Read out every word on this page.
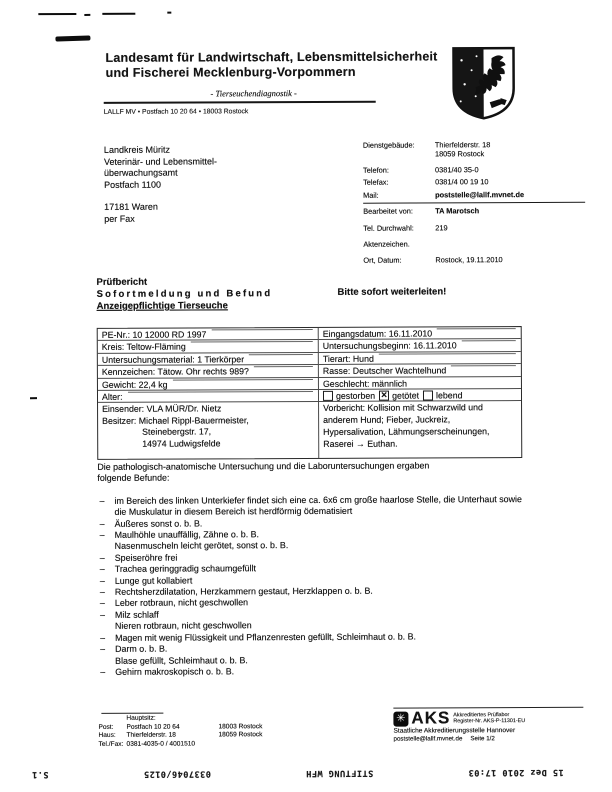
Landesamt für Landwirtschaft, Lebensmittelsicherheit
und Fischerei Mecklenburg-Vorpommern
- Tierseuchendiagnostik -
LALLF MV • Postfach 10 20 64 • 18003 Rostock
Landkreis Müritz
Veterinär- und Lebensmittel-
überwachungsamt
Postfach 1100
17181 Waren
per Fax
Dienstgebäude:	Thierfelderstr. 18
18059 Rostock
Telefon:	0381/40 35-0
Telefax:	0381/4 00 19 10
Mail:	poststelle@lallf.mvnet.de
Bearbeitet von:	TA Marotsch
Tel. Durchwahl:	219
Aktenzeichen.
Ort, Datum:	Rostock, 19.11.2010
Prüfbericht
Sofortmeldung und Befund
Anzeigepflichtige Tierseuche
Bitte sofort weiterleiten!
PE-Nr.: 10 12000 RD 1997	Eingangsdatum: 16.11.2010
Kreis: Teltow-Fläming	Untersuchungsbeginn: 16.11.2010
Untersuchungsmaterial: 1 Tierkörper	Tierart: Hund
Kennzeichen: Tätow. Ohr rechts 989?	Rasse: Deutscher Wachtelhund
Gewicht: 22,4 kg	Geschlecht: männlich
Alter:	gestorben ✕ getötet lebend
Einsender: VLA MÜR/Dr. Nietz
Besitzer: Michael Rippl-Bauermeister,
Steinebergstr. 17,
14974 Ludwigsfelde
Vorbericht: Kollision mit Schwarzwild und
anderem Hund; Fieber, Juckreiz,
Hypersalivation, Lähmungserscheinungen,
Raserei → Euthan.
Die pathologisch-anatomische Untersuchung und die Laboruntersuchungen ergaben
folgende Befunde:
– im Bereich des linken Unterkiefer findet sich eine ca. 6x6 cm große haarlose Stelle, die Unterhaut sowie die Muskulatur in diesem Bereich ist herdförmig ödematisiert
– Äußeres sonst o. b. B.
– Maulhöhle unauffällig, Zähne o. b. B.
Nasenmuscheln leicht gerötet, sonst o. b. B.
– Speiseröhre frei
– Trachea geringgradig schaumgefüllt
– Lunge gut kollabiert
– Rechtsherzdilatation, Herzkammern gestaut, Herzklappen o. b. B.
– Leber rotbraun, nicht geschwollen
– Milz schlaff
Nieren rotbraun, nicht geschwollen
– Magen mit wenig Flüssigkeit und Pflanzenresten gefüllt, Schleimhaut o. b. B.
– Darm o. b. B.
Blase gefüllt, Schleimhaut o. b. B.
– Gehirn makroskopisch o. b. B.
Hauptsitz:
Post:	Postfach 10 20 64	18003 Rostock
Haus:	Thierfelderstr. 18	18059 Rostock
Tel./Fax: 0381-4035-0 / 4001510
✳ AKS Akkreditiertes Prüflabor
Register-Nr. AKS-P-11301-EU
Staatliche Akkreditierungsstelle Hannover
poststelle@lallf.mvnet.de Seite 1/2
15 Dez 2010 17:03
STIFTUNG WFH
0337046/0125
S.1
